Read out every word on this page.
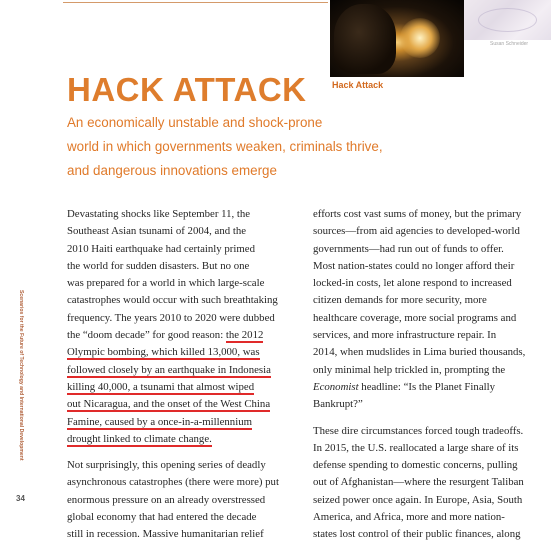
Susan Schneider
Hack Attack
HACK ATTACK
An economically unstable and shock-prone
world in which governments weaken, criminals thrive,
and dangerous innovations emerge
Scenarios for the Future of Technology and International Development
34

Devastating shocks like September 11, the
Southeast Asian tsunami of 2004, and the
2010 Haiti earthquake had certainly primed
the world for sudden disasters. But no one
was prepared for a world in which large-scale
catastrophes would occur with such breathtaking
frequency. The years 2010 to 2020 were dubbed
the “doom decade” for good reason: the 2012
Olympic bombing, which killed 13,000, was
followed closely by an earthquake in Indonesia
killing 40,000, a tsunami that almost wiped
out Nicaragua, and the onset of the West China
Famine, caused by a once-in-a-millennium
drought linked to climate change.

Not surprisingly, this opening series of deadly
asynchronous catastrophes (there were more) put
enormous pressure on an already overstressed
global economy that had entered the decade
still in recession. Massive humanitarian relief

efforts cost vast sums of money, but the primary
sources—from aid agencies to developed-world
governments—had run out of funds to offer.
Most nation-states could no longer afford their
locked-in costs, let alone respond to increased
citizen demands for more security, more
healthcare coverage, more social programs and
services, and more infrastructure repair. In
2014, when mudslides in Lima buried thousands,
only minimal help trickled in, prompting the
Economist headline: “Is the Planet Finally
Bankrupt?”

These dire circumstances forced tough tradeoffs.
In 2015, the U.S. reallocated a large share of its
defense spending to domestic concerns, pulling
out of Afghanistan—where the resurgent Taliban
seized power once again. In Europe, Asia, South
America, and Africa, more and more nation-
states lost control of their public finances, along
